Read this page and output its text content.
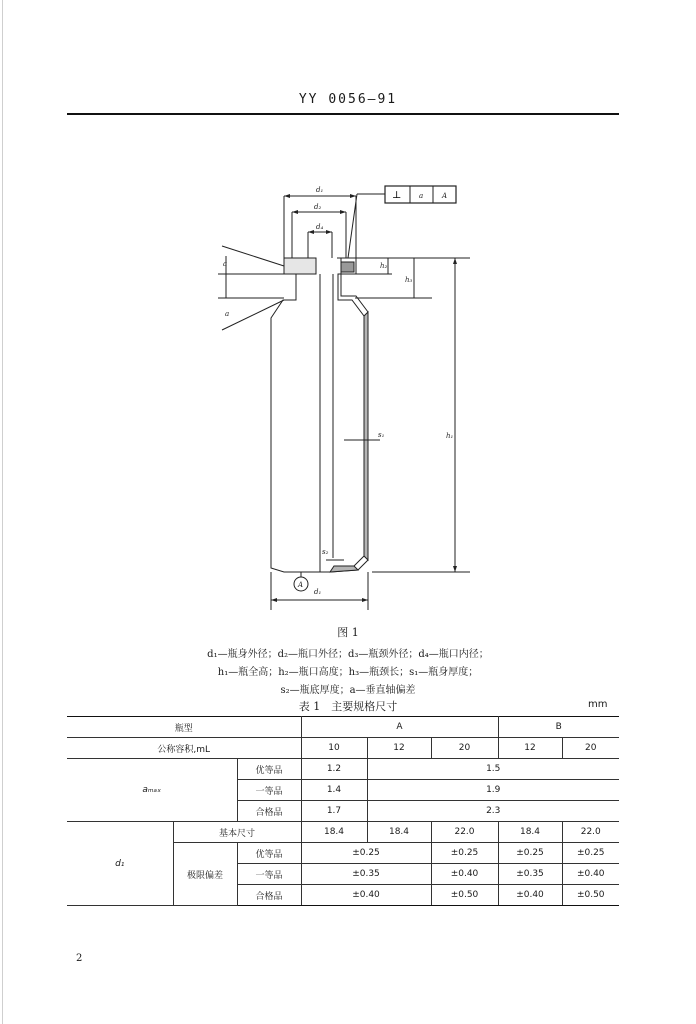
YY 0056—91
d₁
d₂
d₄
h₂
h₃
h₁
s₁
s₂
a
a
A
d₁
⊥	a	A
图 1
d₁—瓶身外径；d₂—瓶口外径；d₃—瓶颈外径；d₄—瓶口内径；
h₁—瓶全高；h₂—瓶口高度；h₃—瓶颈长；s₁—瓶身厚度；
s₂—瓶底厚度；a—垂直轴偏差
表 1　主要规格尺寸	mm
瓶型			A			B	
公称容积,mL			10	12	20	12	20
aₘₐₓ		优等品	1.2	1.5			
		一等品	1.4	1.9			
		合格品	1.7	2.3			
d₁	基本尺寸		18.4	18.4	22.0	18.4	22.0
	极限偏差	优等品	±0.25		±0.25	±0.25	±0.25
		一等品	±0.35		±0.40	±0.35	±0.40
		合格品	±0.40		±0.50	±0.40	±0.50
2
